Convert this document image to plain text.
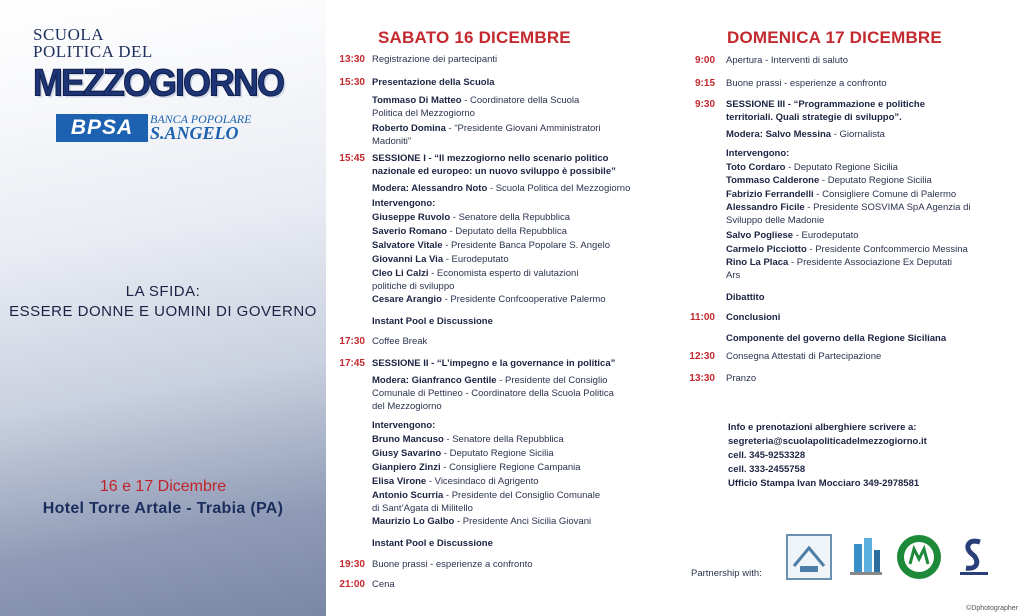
SCUOLA
POLITICA DEL
MEZZOGIORNO
BPSA	BANCA POPOLARE
S.ANGELO
LA SFIDA:
ESSERE DONNE E UOMINI DI GOVERNO
16 e 17 Dicembre
Hotel Torre Artale - Trabia (PA)
SABATO 16 DICEMBRE	DOMENICA 17 DICEMBRE
13:30 Registrazione dei partecipanti
15:30 Presentazione della Scuola
Tommaso Di Matteo - Coordinatore della Scuola
Politica del Mezzogiorno
Roberto Domina - “Presidente Giovani Amministratori
Madoniti”
15:45 SESSIONE I - “Il mezzogiorno nello scenario politico
nazionale ed europeo: un nuovo sviluppo è possibile”
Modera: Alessandro Noto - Scuola Politica del Mezzogiorno
Intervengono:
Giuseppe Ruvolo - Senatore della Repubblica
Saverio Romano - Deputato della Repubblica
Salvatore Vitale - Presidente Banca Popolare S. Angelo
Giovanni La Via - Eurodeputato
Cleo Li Calzi - Economista esperto di valutazioni
politiche di sviluppo
Cesare Arangio - Presidente Confcooperative Palermo
Instant Pool e Discussione
17:30 Coffee Break
17:45 SESSIONE II - “L’impegno e la governance in politica”
Modera: Gianfranco Gentile - Presidente del Consiglio
Comunale di Pettineo - Coordinatore della Scuola Politica
del Mezzogiorno
Intervengono:
Bruno Mancuso - Senatore della Repubblica
Giusy Savarino - Deputato Regione Sicilia
Gianpiero Zinzi - Consigliere Regione Campania
Elisa Virone - Vicesindaco di Agrigento
Antonio Scurria - Presidente del Consiglio Comunale
di Sant’Agata di Militello
Maurizio Lo Galbo - Presidente Anci Sicilia Giovani
Instant Pool e Discussione
19:30 Buone prassi - esperienze a confronto
21:00 Cena
9:00 Apertura - Interventi di saluto
9:15 Buone prassi - esperienze a confronto
9:30 SESSIONE III - “Programmazione e politiche
territoriali. Quali strategie di sviluppo”.
Modera: Salvo Messina - Giornalista
Intervengono:
Toto Cordaro - Deputato Regione Sicilia
Tommaso Calderone - Deputato Regione Sicilia
Fabrizio Ferrandelli - Consigliere Comune di Palermo
Alessandro Ficile - Presidente SOSVIMA SpA Agenzia di
Sviluppo delle Madonie
Salvo Pogliese - Eurodeputato
Carmelo Picciotto - Presidente Confcommercio Messina
Rino La Placa - Presidente Associazione Ex Deputati
Ars
Dibattito
11:00 Conclusioni
Componente del governo della Regione Siciliana
12:30 Consegna Attestati di Partecipazione
13:30 Pranzo
Info e prenotazioni alberghiere scrivere a:
segreteria@scuolapoliticadelmezzogiorno.it
cell. 345-9253328
cell. 333-2455758
Ufficio Stampa Ivan Mocciaro 349-2978581
Partnership with:
©Dphotographer
